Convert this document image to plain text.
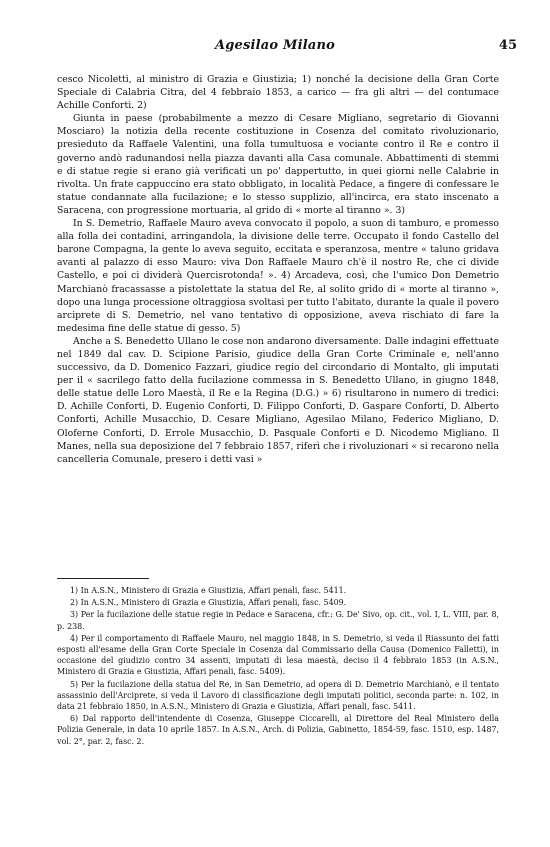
Agesilao Milano	45

cesco Nicoletti, al ministro di Grazia e Giustizia; 1) nonché la decisione della Gran Corte Speciale di Calabria Citra, del 4 febbraio 1853, a carico — fra gli altri — del contumace Achille Conforti. 2)

Giunta in paese (probabilmente a mezzo di Cesare Migliano, segretario di Giovanni Mosciaro) la notizia della recente costituzione in Cosenza del comitato rivoluzionario, presieduto da Raffaele Valentini, una folla tumultuosa e vociante contro il Re e contro il governo andò radunandosi nella piazza davanti alla Casa comunale. Abbattimenti di stemmi e di statue regie si erano già verificati un po' dappertutto, in quei giorni nelle Calabrie in rivolta. Un frate cappuccino era stato obbligato, in località Pedace, a fingere di confessare le statue condannate alla fucilazione; e lo stesso supplizio, all'incirca, era stato inscenato a Saracena, con progressione mortuaria, al grido di « morte al tiranno ». 3)

In S. Demetrio, Raffaele Mauro aveva convocato il popolo, a suon di tamburo, e promesso alla folla dei contadini, arringandola, la divisione delle terre. Occupato il fondo Castello del barone Compagna, la gente lo aveva seguito, eccitata e speranzosa, mentre « taluno gridava avanti al palazzo di esso Mauro: viva Don Raffaele Mauro ch'è il nostro Re, che ci divide Castello, e poi ci dividerà Quercisrotonda! ». 4) Arcadeva, così, che l'umico Don Demetrio Marchianò fracassasse a pistolettate la statua del Re, al solito grido di « morte al tiranno », dopo una lunga processione oltraggiosa svoltasi per tutto l'abitato, durante la quale il povero arciprete di S. Demetrio, nel vano tentativo di opposizione, aveva rischiato di fare la medesima fine delle statue di gesso. 5)

Anche a S. Benedetto Ullano le cose non andarono diversamente. Dalle indagini effettuate nel 1849 dal cav. D. Scipione Parisio, giudice della Gran Corte Criminale e, nell'anno successivo, da D. Domenico Fazzari, giudice regio del circondario di Montalto, gli imputati per il « sacrilego fatto della fucilazione commessa in S. Benedetto Ullano, in giugno 1848, delle statue delle Loro Maestà, il Re e la Regina (D.G.) » 6) risultarono in numero di tredici: D. Achille Conforti, D. Eugenio Conforti, D. Filippo Conforti, D. Gaspare Conforti, D. Alberto Conforti, Achille Musacchio, D. Cesare Migliano, Agesilao Milano, Federico Migliano, D. Oloferne Conforti, D. Errole Musacchio, D. Pasquale Conforti e D. Nicodemo Migliano. Il Manes, nella sua deposizione del 7 febbraio 1857, riferì che i rivoluzionari « si recarono nella cancelleria Comunale, presero i detti vasi »

1) In A.S.N., Ministero di Grazia e Giustizia, Affari penali, fasc. 5411.

2) In A.S.N., Ministero di Grazia e Giustizia, Affari penali, fasc. 5409.

3) Per la fucilazione delle statue regie in Pedace e Saracena, cfr.: G. De' Sivo, op. cit., vol. I, L. VIII, par. 8, p. 238.

4) Per il comportamento di Raffaele Mauro, nel maggio 1848, in S. Demetrio, si veda il Riassunto dei fatti esposti all'esame della Gran Corte Speciale in Cosenza dal Commissario della Causa (Domenico Falletti), in occasione del giudizio contro 34 assenti, imputati di lesa maestà, deciso il 4 febbraio 1853 (in A.S.N., Ministero di Grazia e Giustizia, Affari penali, fasc. 5409).

5) Per la fucilazione della statua del Re, in San Demetrio, ad opera di D. Demetrio Marchianò, e il tentato assassinio dell'Arciprete, si veda il Lavoro di classificazione degli imputati politici, seconda parte: n. 102, in data 21 febbraio 1850, in A.S.N., Ministero di Grazia e Giustizia, Affari penali, fasc. 5411.

6) Dal rapporto dell'intendente di Cosenza, Giuseppe Ciccarelli, al Direttore del Real Ministero della Polizia Generale, in data 10 aprile 1857. In A.S.N., Arch. di Polizia, Gabinetto, 1854-59, fasc. 1510, esp. 1487, vol. 2°, par. 2, fasc. 2.
